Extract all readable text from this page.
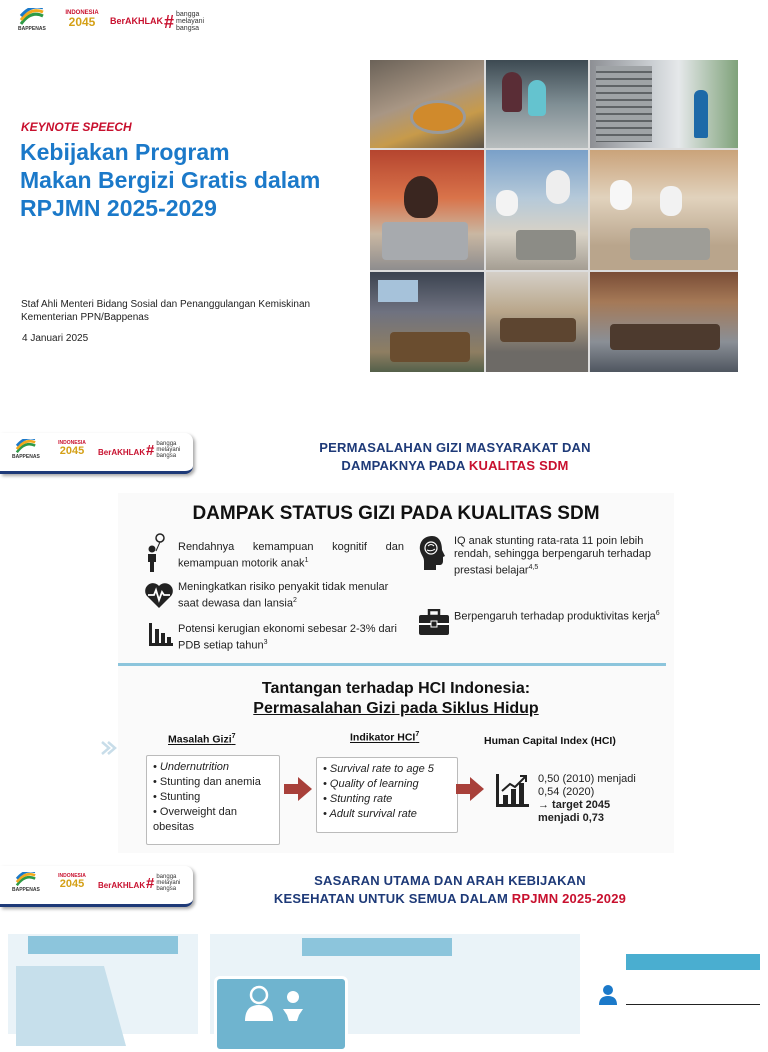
BAPPENAS
INDONESIA
2045	BerAKHLAK # bangga
melayani
bangsa
KEYNOTE SPEECH
Kebijakan Program
Makan Bergizi Gratis dalam
RPJMN 2025-2029
Staf Ahli Menteri Bidang Sosial dan Penanggulangan Kemiskinan
Kementerian PPN/Bappenas
4 Januari 2025
BAPPENAS
INDONESIA
2045	BerAKHLAK # bangga
melayani
bangsa
PERMASALAHAN GIZI MASYARAKAT DAN
DAMPAKNYA PADA KUALITAS SDM
DAMPAK STATUS GIZI PADA KUALITAS SDM
Rendahnya kemampuan kognitif dan kemampuan motorik anak$^1$
Meningkatkan risiko penyakit tidak menular saat dewasa dan lansia$^2$
Potensi kerugian ekonomi sebesar 2-3% dari PDB setiap tahun$^3$
IQ anak stunting rata-rata 11 poin lebih rendah, sehingga berpengaruh terhadap prestasi belajar$^{4,5}$
Berpengaruh terhadap produktivitas kerja$^6$
Tantangan terhadap HCI Indonesia:
Permasalahan Gizi pada Siklus Hidup
Masalah Gizi$^7$
• Undernutrition
• Stunting dan anemia
• Stunting
• Overweight dan obesitas
Indikator HCI$^7$
• Survival rate to age 5
• Quality of learning
• Stunting rate
• Adult survival rate
Human Capital Index (HCI)
0,50 (2010) menjadi
0,54 (2020)
→ target 2045
menjadi 0,73
BAPPENAS
INDONESIA
2045	BerAKHLAK # bangga
melayani
bangsa
SASARAN UTAMA DAN ARAH KEBIJAKAN
KESEHATAN UNTUK SEMUA DALAM RPJMN 2025-2029
